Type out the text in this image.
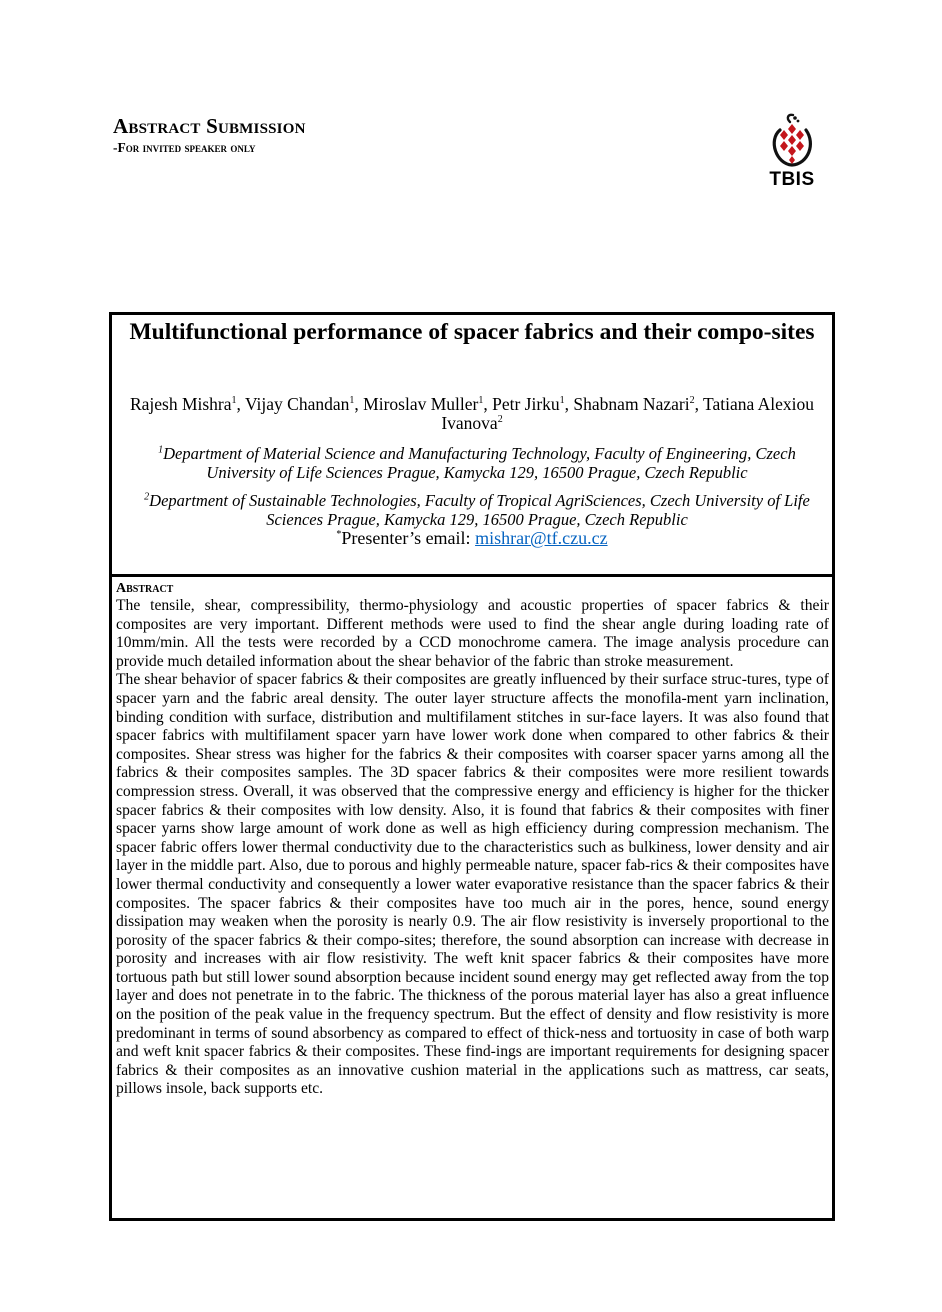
Abstract Submission
-For invited speaker only
TBIS
Multifunctional performance of spacer fabrics and their compo-sites

Rajesh Mishra$^1$, Vijay Chandan$^1$, Miroslav Muller$^1$, Petr Jirku$^1$, Shabnam Nazari$^2$, Tatiana Alexiou Ivanova$^2$

$^1$Department of Material Science and Manufacturing Technology, Faculty of Engineering, Czech University of Life Sciences Prague, Kamycka 129, 16500 Prague, Czech Republic

$^2$Department of Sustainable Technologies, Faculty of Tropical AgriSciences, Czech University of Life Sciences Prague, Kamycka 129, 16500 Prague, Czech Republic

*Presenter’s email: mishrar@tf.czu.cz

Abstract

The tensile, shear, compressibility, thermo-physiology and acoustic properties of spacer fabrics & their composites are very important. Different methods were used to find the shear angle during loading rate of 10mm/min. All the tests were recorded by a CCD monochrome camera. The image analysis procedure can provide much detailed information about the shear behavior of the fabric than stroke measurement.

The shear behavior of spacer fabrics & their composites are greatly influenced by their surface struc-tures, type of spacer yarn and the fabric areal density. The outer layer structure affects the monofila-ment yarn inclination, binding condition with surface, distribution and multifilament stitches in sur-face layers. It was also found that spacer fabrics with multifilament spacer yarn have lower work done when compared to other fabrics & their composites. Shear stress was higher for the fabrics & their composites with coarser spacer yarns among all the fabrics & their composites samples. The 3D spacer fabrics & their composites were more resilient towards compression stress. Overall, it was observed that the compressive energy and efficiency is higher for the thicker spacer fabrics & their composites with low density. Also, it is found that fabrics & their composites with finer spacer yarns show large amount of work done as well as high efficiency during compression mechanism. The spacer fabric offers lower thermal conductivity due to the characteristics such as bulkiness, lower density and air layer in the middle part. Also, due to porous and highly permeable nature, spacer fab-rics & their composites have lower thermal conductivity and consequently a lower water evaporative resistance than the spacer fabrics & their composites. The spacer fabrics & their composites have too much air in the pores, hence, sound energy dissipation may weaken when the porosity is nearly 0.9. The air flow resistivity is inversely proportional to the porosity of the spacer fabrics & their compo-sites; therefore, the sound absorption can increase with decrease in porosity and increases with air flow resistivity. The weft knit spacer fabrics & their composites have more tortuous path but still lower sound absorption because incident sound energy may get reflected away from the top layer and does not penetrate in to the fabric. The thickness of the porous material layer has also a great influence on the position of the peak value in the frequency spectrum. But the effect of density and flow resistivity is more predominant in terms of sound absorbency as compared to effect of thick-ness and tortuosity in case of both warp and weft knit spacer fabrics & their composites. These find-ings are important requirements for designing spacer fabrics & their composites as an innovative cushion material in the applications such as mattress, car seats, pillows insole, back supports etc.
